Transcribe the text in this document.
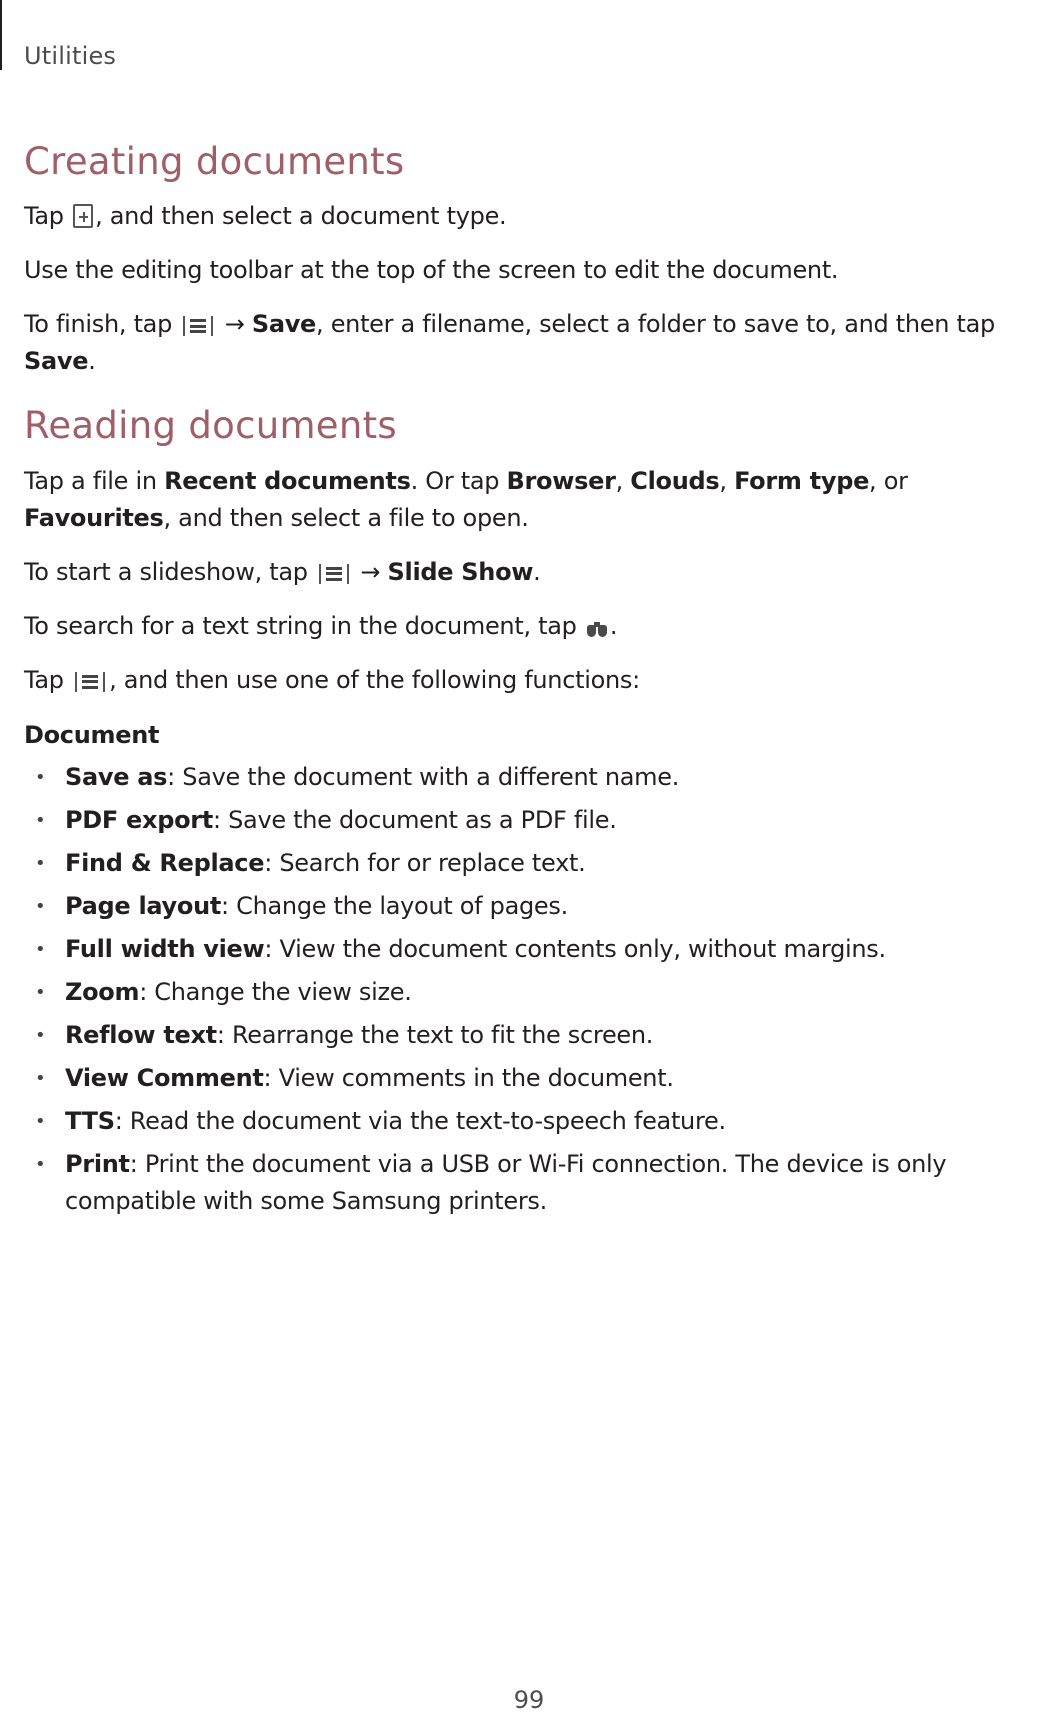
Utilities
Creating documents

Tap , and then select a document type.

Use the editing toolbar at the top of the screen to edit the document.

To finish, tap
→ Save, enter a filename, select a folder to save to, and then tap Save.

Reading documents

Tap a file in Recent documents. Or tap Browser, Clouds, Form type, or Favourites, and then select a file to open.

To start a slideshow, tap
→ Slide Show.

To search for a text string in the document, tap
.

Tap
, and then use one of the following functions:

Document
• Save as: Save the document with a different name.
• PDF export: Save the document as a PDF file.
• Find & Replace: Search for or replace text.
• Page layout: Change the layout of pages.
• Full width view: View the document contents only, without margins.
• Zoom: Change the view size.
• Reflow text: Rearrange the text to fit the screen.
• View Comment: View comments in the document.
• TTS: Read the document via the text-to-speech feature.
• Print: Print the document via a USB or Wi-Fi connection. The device is only compatible with some Samsung printers.
99
